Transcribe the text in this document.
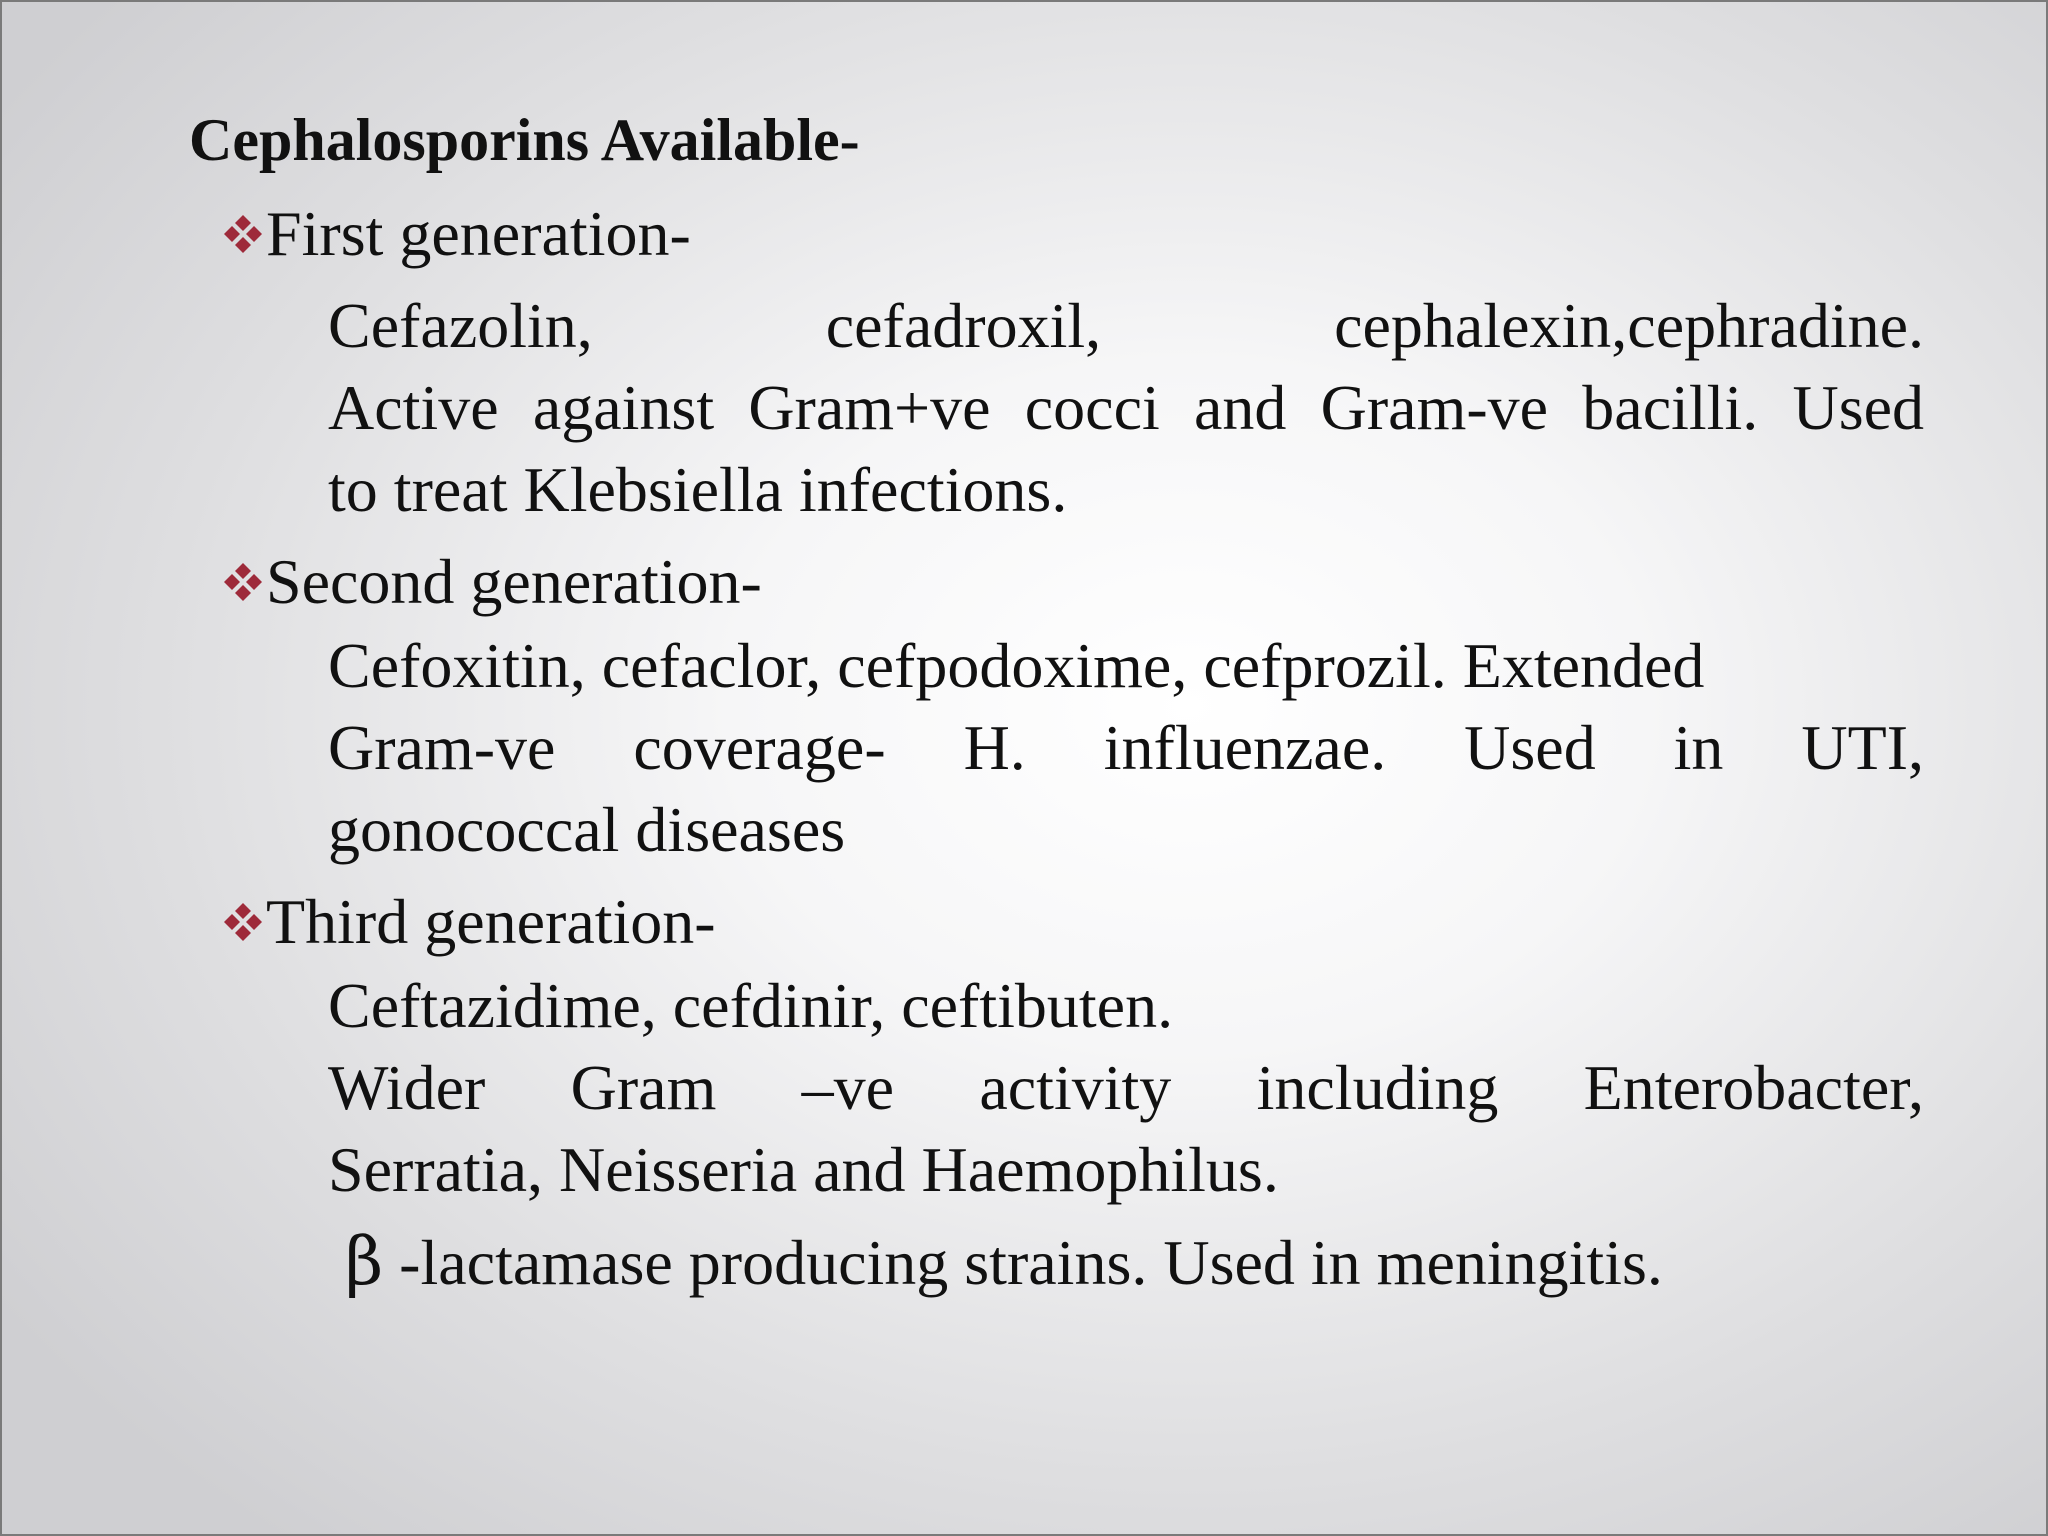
Cephalosporins Available-
First generation-
Cefazolin, cefadroxil, cephalexin,cephradine.
Active against Gram+ve cocci and Gram-ve bacilli. Used
to treat Klebsiella infections.
Second generation-
Cefoxitin, cefaclor, cefpodoxime, cefprozil. Extended
Gram-ve coverage- H. influenzae. Used in UTI,
gonococcal diseases
Third generation-
Ceftazidime, cefdinir, ceftibuten.
Wider Gram –ve activity including Enterobacter,
Serratia, Neisseria and Haemophilus.
β -lactamase producing strains. Used in meningitis.
